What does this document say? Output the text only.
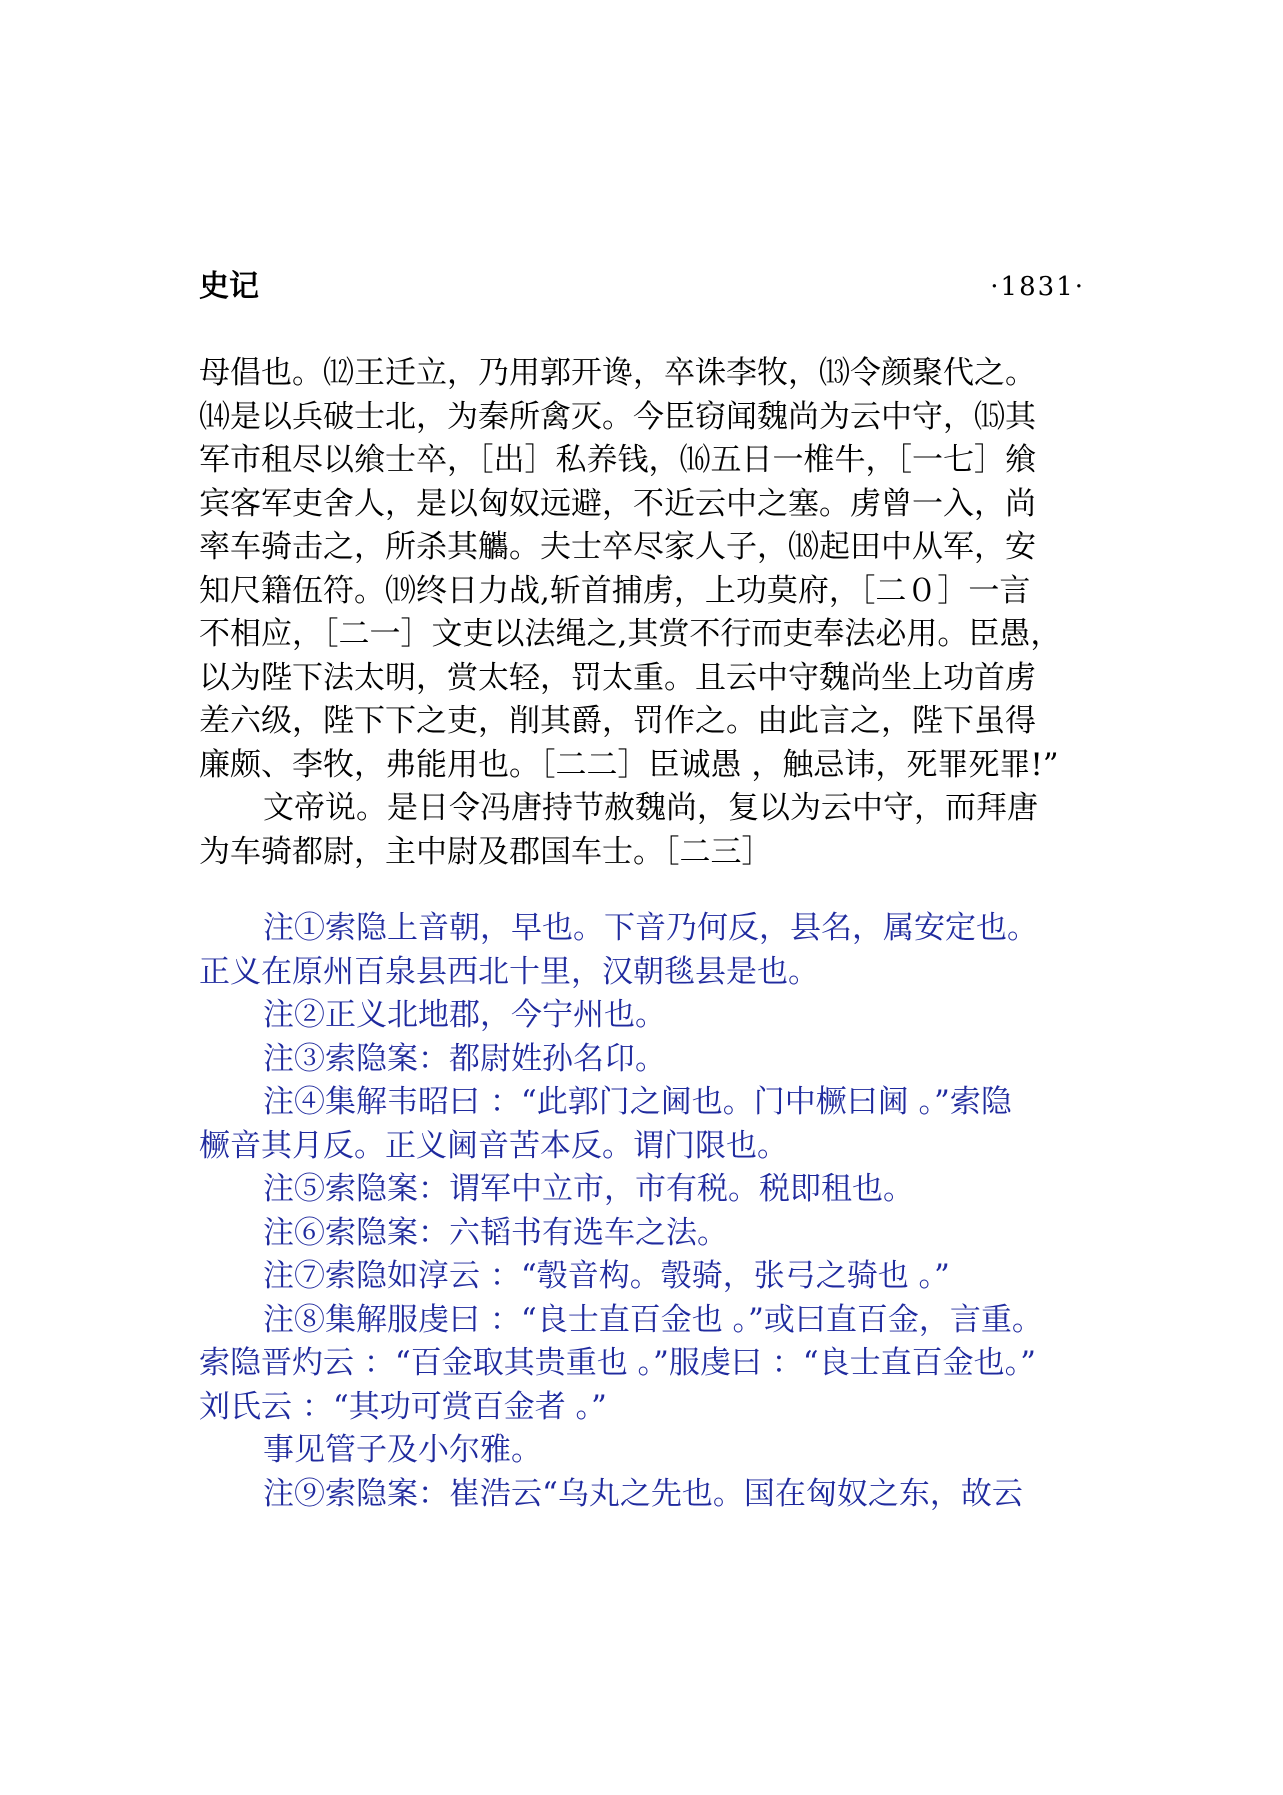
史记	·1831·
母倡也。⑿王迁立，乃用郭开谗，卒诛李牧，⒀令颜聚代之。
⒁是以兵破士北，为秦所禽灭。今臣窃闻魏尚为云中守，⒂其
军市租尽以飨士卒，［出］私养钱，⒃五日一椎牛，［一七］飨
宾客军吏舍人，是以匈奴远避，不近云中之塞。虏曾一入，尚
率车骑击之，所杀其觿。夫士卒尽家人子，⒅起田中从军，安
知尺籍伍符。⒆终日力战,斩首捕虏，上功莫府，［二０］一言
不相应，［二一］文吏以法绳之,其赏不行而吏奉法必用。臣愚，
以为陛下法太明，赏太轻，罚太重。且云中守魏尚坐上功首虏
差六级，陛下下之吏，削其爵，罚作之。由此言之，陛下虽得
廉颇、李牧，弗能用也。［二二］臣诚愚 ，触忌讳，死罪死罪!”
文帝说。是日令冯唐持节赦魏尚，复以为云中守，而拜唐
为车骑都尉，主中尉及郡国车士。［二三］
注①索隐上音朝，早也。下音乃何反，县名，属安定也。
正义在原州百泉县西北十里，汉朝毯县是也。
注②正义北地郡，今宁州也。
注③索隐案：都尉姓孙名卬。
注④集解韦昭曰 ：“此郭门之阃也。门中橛曰阃 。”索隐
橛音其月反。正义阃音苦本反。谓门限也。
注⑤索隐案：谓军中立市，市有税。税即租也。
注⑥索隐案：六韬书有选车之法。
注⑦索隐如淳云 ：“彀音构。彀骑，张弓之骑也 。”
注⑧集解服虔曰 ：“良士直百金也 。”或曰直百金，言重。
索隐晋灼云 ：“百金取其贵重也 。”服虔曰 ：“良士直百金也。”
刘氏云 ：“其功可赏百金者 。”
事见管子及小尔雅。
注⑨索隐案：崔浩云“乌丸之先也。国在匈奴之东，故云
